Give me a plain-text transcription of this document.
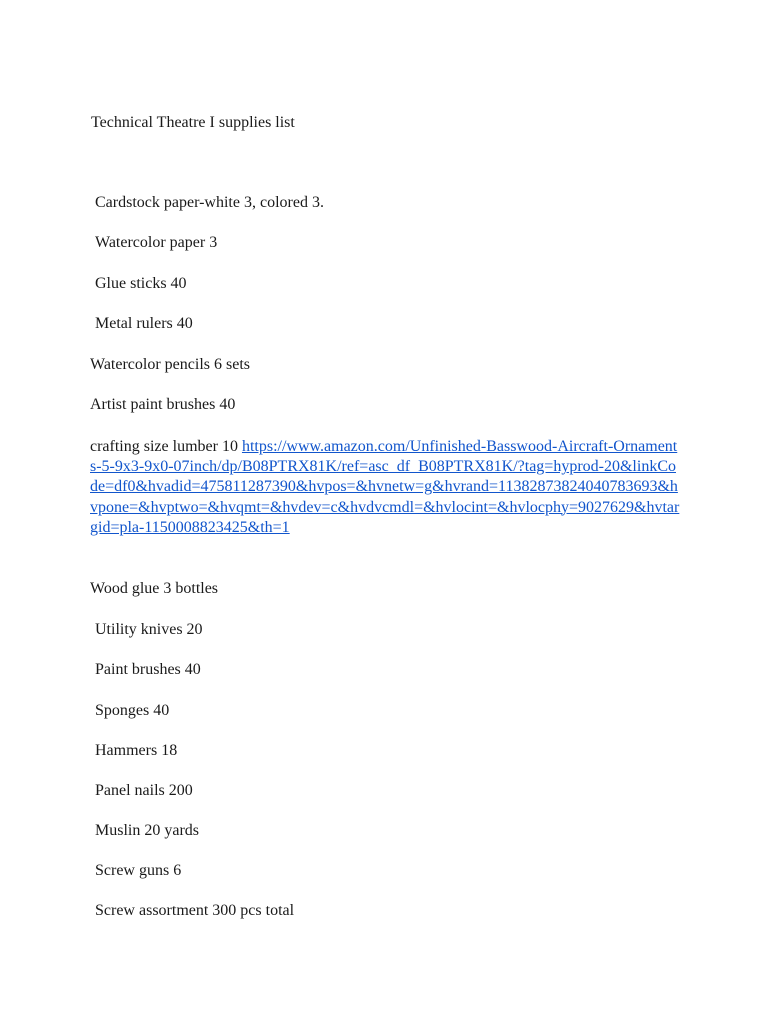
Technical Theatre I supplies list

Cardstock paper-white 3, colored 3.

Watercolor paper 3

Glue sticks 40

Metal rulers 40

Watercolor pencils 6 sets

Artist paint brushes 40

crafting size lumber 10 https://www.amazon.com/Unfinished-Basswood-Aircraft-Ornaments-5-9x3-9x0-07inch/dp/B08PTRX81K/ref=asc_df_B08PTRX81K/?tag=hyprod-20&linkCode=df0&hvadid=475811287390&hvpos=&hvnetw=g&hvrand=11382873824040783693&hvpone=&hvptwo=&hvqmt=&hvdev=c&hvdvcmdl=&hvlocint=&hvlocphy=9027629&hvtargid=pla-1150008823425&th=1

Wood glue 3 bottles

Utility knives 20

Paint brushes 40

Sponges 40

Hammers 18

Panel nails 200

Muslin 20 yards

Screw guns 6

Screw assortment 300 pcs total
